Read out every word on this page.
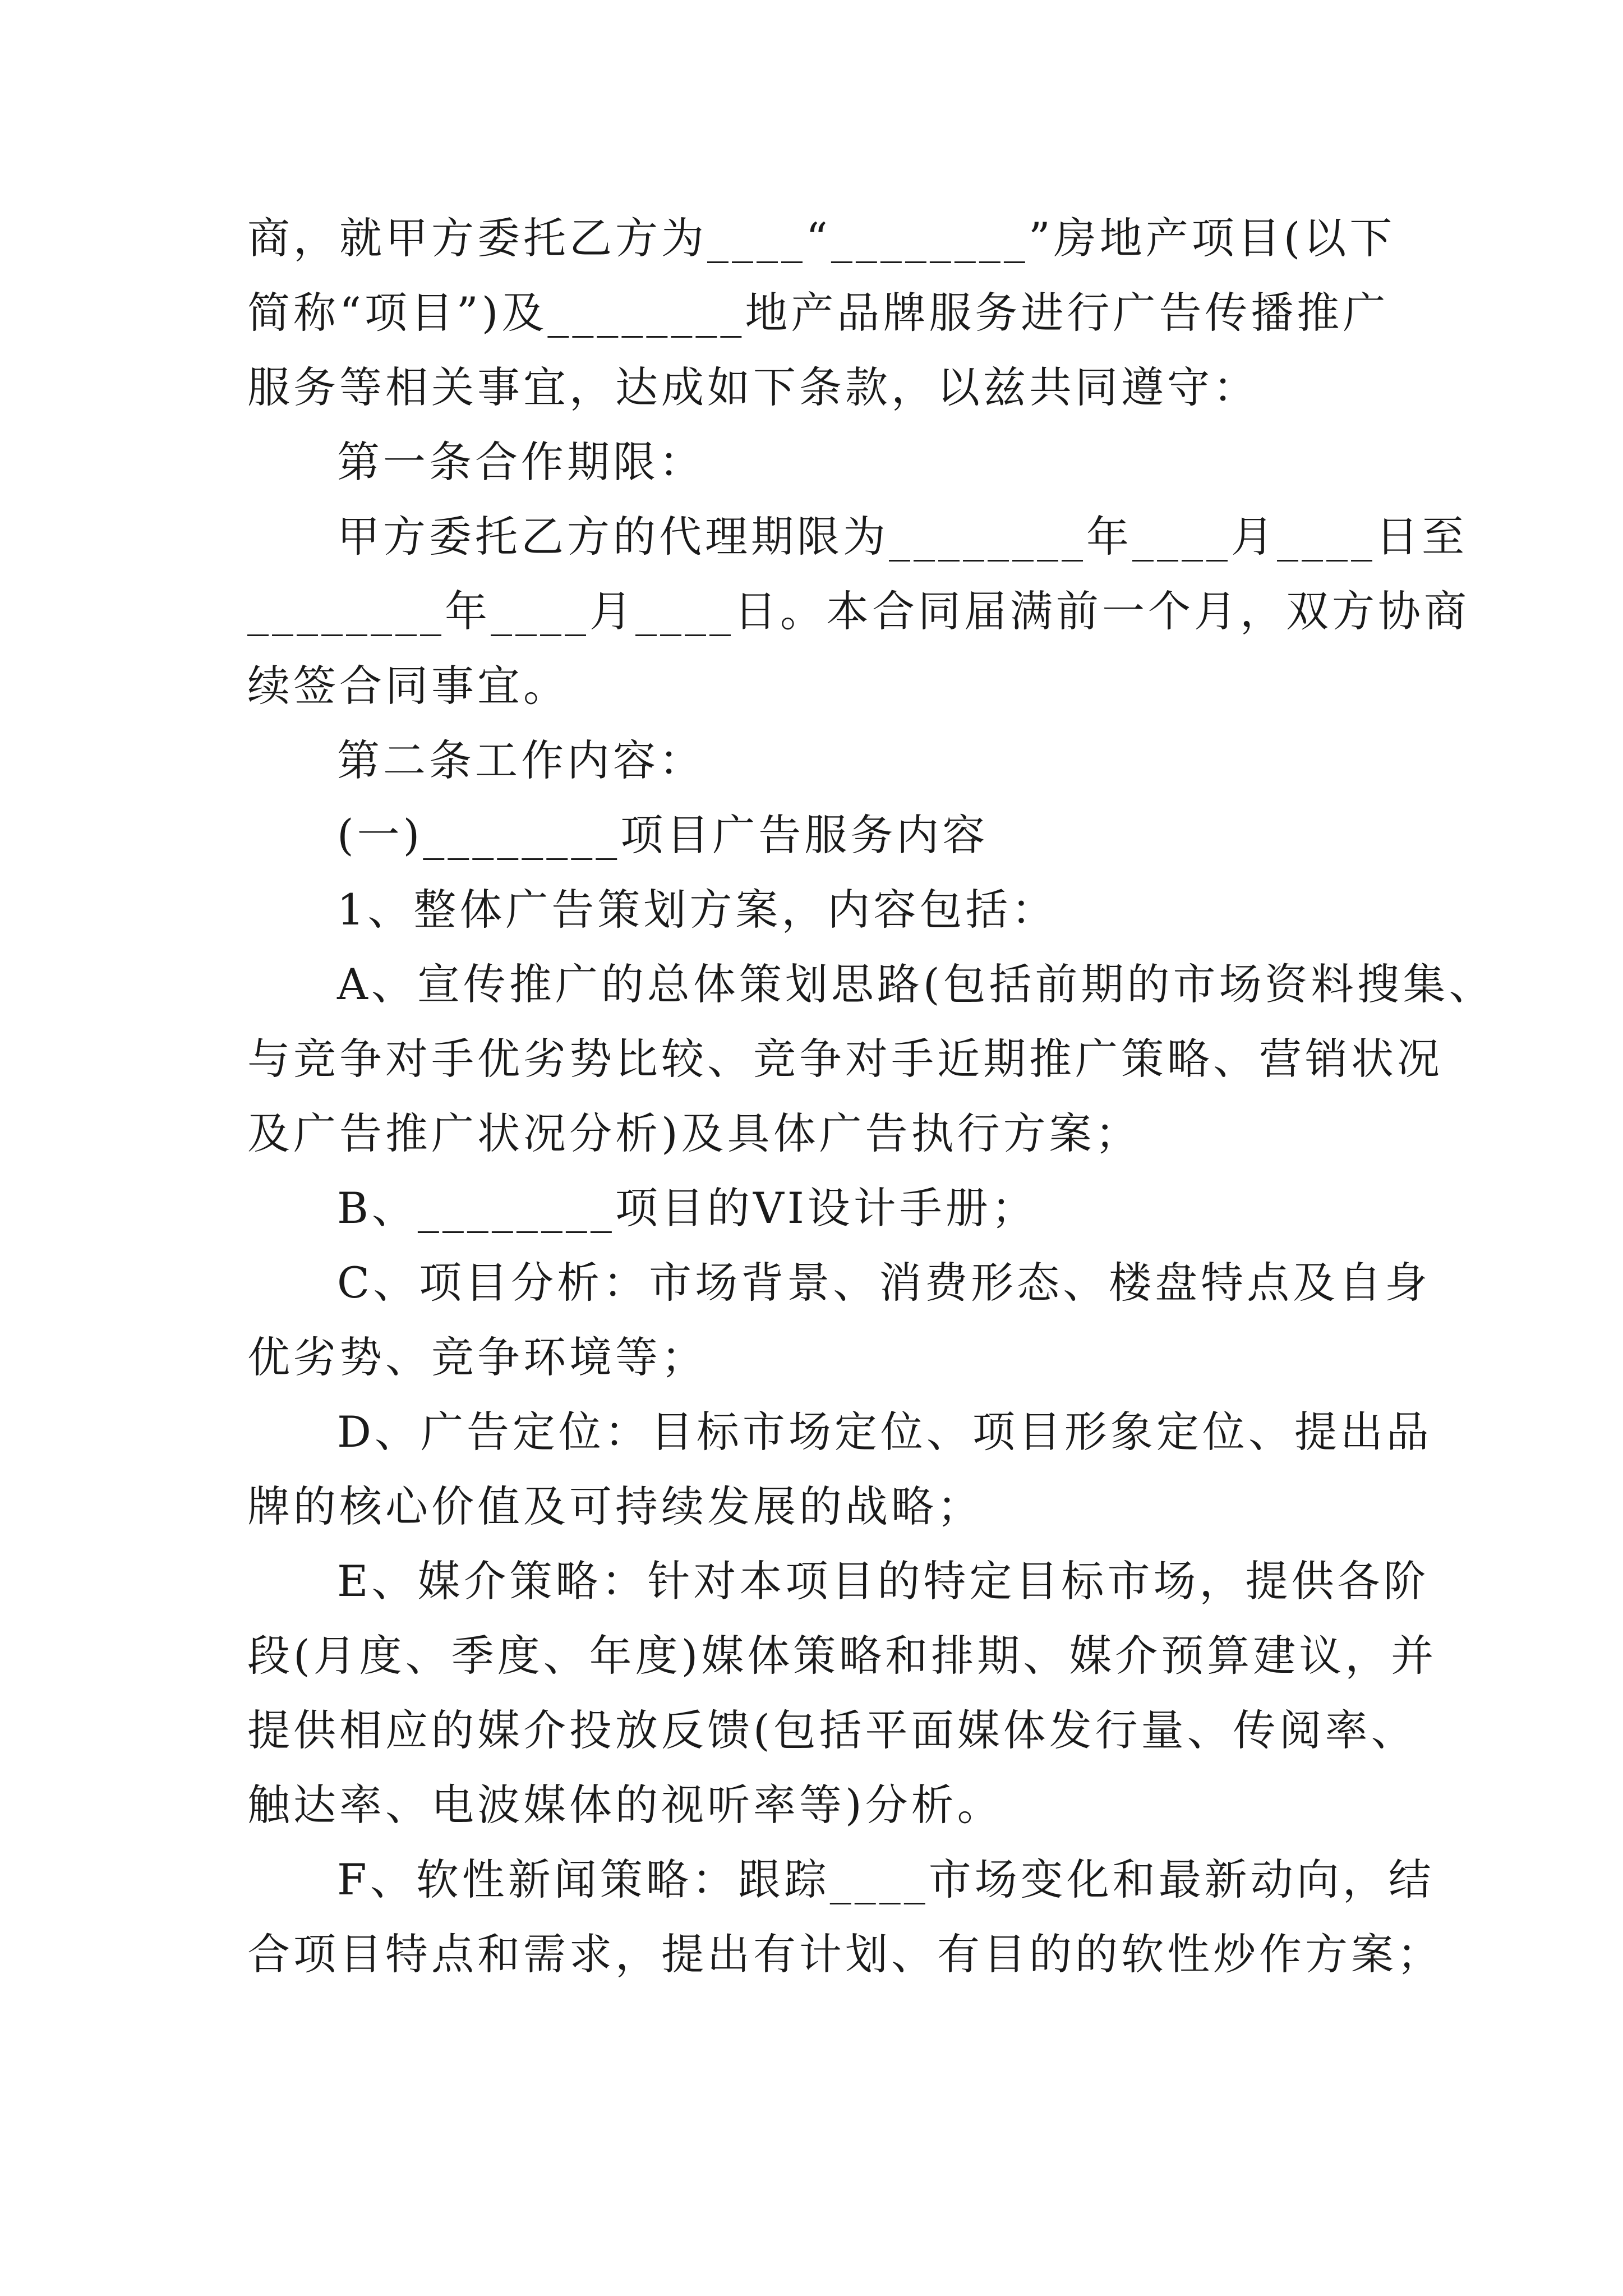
商，就甲方委托乙方为____“________”房地产项目(以下
简称“项目”)及________地产品牌服务进行广告传播推广
服务等相关事宜，达成如下条款，以兹共同遵守：
第一条合作期限：
甲方委托乙方的代理期限为________年____月____日至
________年____月____日。本合同届满前一个月，双方协商
续签合同事宜。
第二条工作内容：
(一)________项目广告服务内容
1、整体广告策划方案，内容包括：
A、宣传推广的总体策划思路(包括前期的市场资料搜集、
与竞争对手优劣势比较、竞争对手近期推广策略、营销状况
及广告推广状况分析)及具体广告执行方案；
B、________项目的VI设计手册；
C、项目分析：市场背景、消费形态、楼盘特点及自身
优劣势、竞争环境等；
D、广告定位：目标市场定位、项目形象定位、提出品
牌的核心价值及可持续发展的战略；
E、媒介策略：针对本项目的特定目标市场，提供各阶
段(月度、季度、年度)媒体策略和排期、媒介预算建议，并
提供相应的媒介投放反馈(包括平面媒体发行量、传阅率、
触达率、电波媒体的视听率等)分析。
F、软性新闻策略：跟踪____市场变化和最新动向，结
合项目特点和需求，提出有计划、有目的的软性炒作方案；
